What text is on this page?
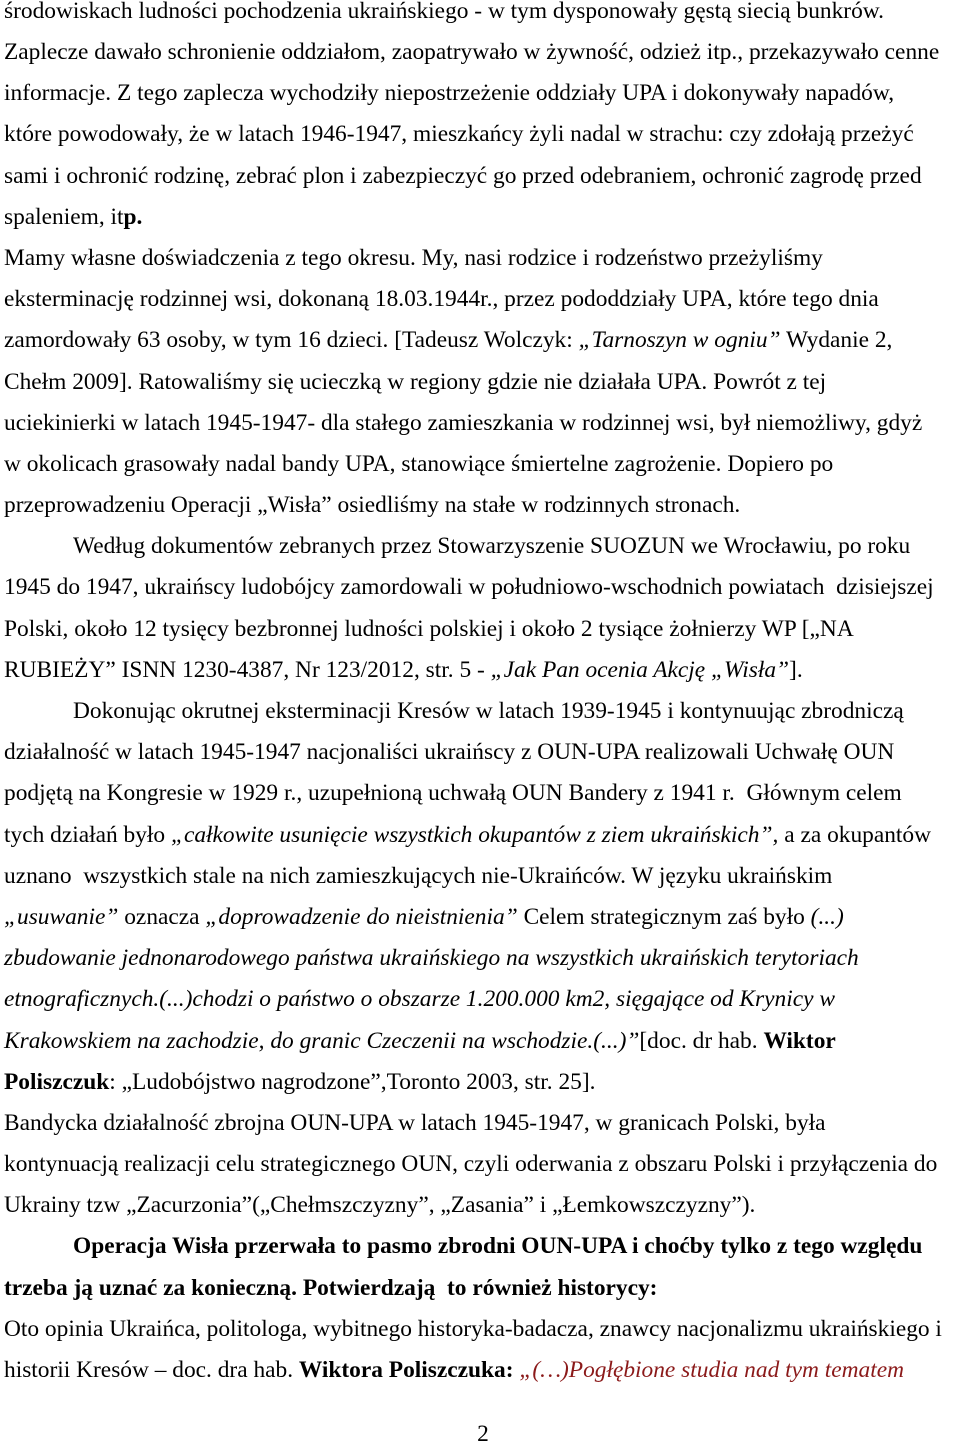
środowiskach ludności pochodzenia ukraińskiego - w tym dysponowały gęstą siecią bunkrów.
Zaplecze dawało schronienie oddziałom, zaopatrywało w żywność, odzież itp., przekazywało cenne
informacje. Z tego zaplecza wychodziły niepostrzeżenie oddziały UPA i dokonywały napadów,
które powodowały, że w latach 1946-1947, mieszkańcy żyli nadal w strachu: czy zdołają przeżyć
sami i ochronić rodzinę, zebrać plon i zabezpieczyć go przed odebraniem, ochronić zagrodę przed
spaleniem, itp.
Mamy własne doświadczenia z tego okresu. My, nasi rodzice i rodzeństwo przeżyliśmy
eksterminację rodzinnej wsi, dokonaną 18.03.1944r., przez pododdziały UPA, które tego dnia
zamordowały 63 osoby, w tym 16 dzieci. [Tadeusz Wolczyk: „Tarnoszyn w ogniu” Wydanie 2,
Chełm 2009]. Ratowaliśmy się ucieczką w regiony gdzie nie działała UPA. Powrót z tej
uciekinierki w latach 1945-1947- dla stałego zamieszkania w rodzinnej wsi, był niemożliwy, gdyż
w okolicach grasowały nadal bandy UPA, stanowiące śmiertelne zagrożenie. Dopiero po
przeprowadzeniu Operacji „Wisła” osiedliśmy na stałe w rodzinnych stronach.
Według dokumentów zebranych przez Stowarzyszenie SUOZUN we Wrocławiu, po roku
1945 do 1947, ukraińscy ludobójcy zamordowali w południowo-wschodnich powiatach  dzisiejszej
Polski, około 12 tysięcy bezbronnej ludności polskiej i około 2 tysiące żołnierzy WP [„NA
RUBIEŻY” ISNN 1230-4387, Nr 123/2012, str. 5 - „Jak Pan ocenia Akcję „Wisła”].
Dokonując okrutnej eksterminacji Kresów w latach 1939-1945 i kontynuując zbrodniczą
działalność w latach 1945-1947 nacjonaliści ukraińscy z OUN-UPA realizowali Uchwałę OUN
podjętą na Kongresie w 1929 r., uzupełnioną uchwałą OUN Bandery z 1941 r.  Głównym celem
tych działań było „całkowite usunięcie wszystkich okupantów z ziem ukraińskich”, a za okupantów
uznano  wszystkich stale na nich zamieszkujących nie-Ukraińców. W języku ukraińskim
„usuwanie” oznacza „doprowadzenie do nieistnienia” Celem strategicznym zaś było (...)
zbudowanie jednonarodowego państwa ukraińskiego na wszystkich ukraińskich terytoriach
etnograficznych.(...)chodzi o państwo o obszarze 1.200.000 km2, sięgające od Krynicy w
Krakowskiem na zachodzie, do granic Czeczenii na wschodzie.(...)”[doc. dr hab. Wiktor
Poliszczuk: „Ludobójstwo nagrodzone”,Toronto 2003, str. 25].
Bandycka działalność zbrojna OUN-UPA w latach 1945-1947, w granicach Polski, była
kontynuacją realizacji celu strategicznego OUN, czyli oderwania z obszaru Polski i przyłączenia do
Ukrainy tzw „Zacurzonia”(„Chełmszczyzny”, „Zasania” i „Łemkowszczyzny”).
Operacja Wisła przerwała to pasmo zbrodni OUN-UPA i choćby tylko z tego względu
trzeba ją uznać za konieczną. Potwierdzają  to również historycy:
Oto opinia Ukraińca, politologa, wybitnego historyka-badacza, znawcy nacjonalizmu ukraińskiego i
historii Kresów – doc. dra hab. Wiktora Poliszczuka: „(…)Pogłębione studia nad tym tematem
2
